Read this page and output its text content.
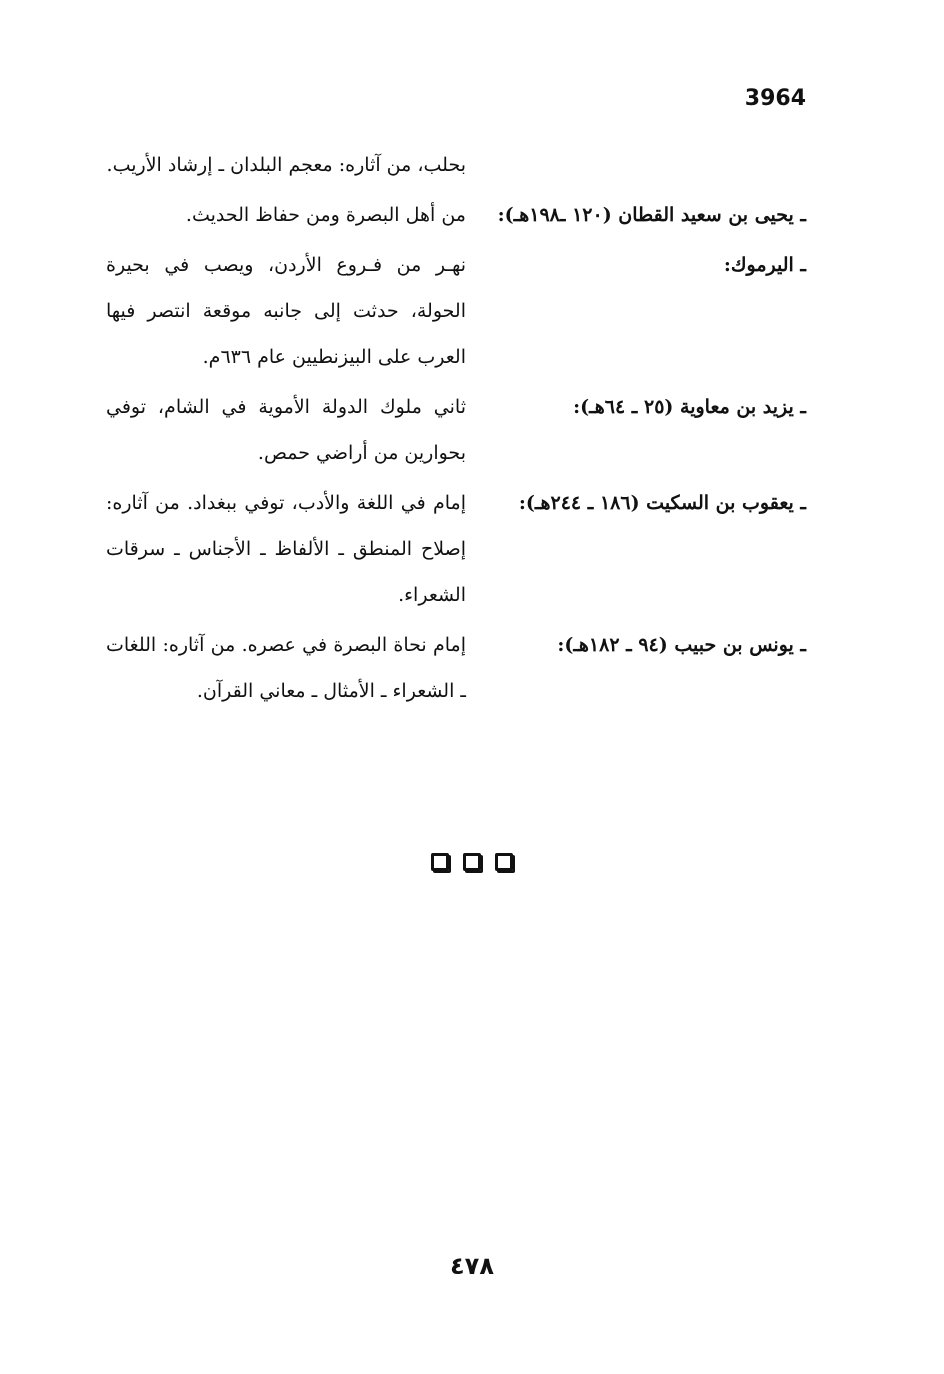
3964
بحلب، من آثاره: معجم البلدان ـ إرشاد الأريب.
ـ يحيى بن سعيد القطان (١٢٠ ـ١٩٨هـ):
من أهل البصرة ومن حفاظ الحديث.
ـ اليرموك:
نهـر من فـروع الأردن، ويصب في بحيرة الحولة، حدثت إلى جانبه موقعة انتصر فيها العرب على البيزنطيين عام ٦٣٦م.
ـ يزيد بن معاوية (٢٥ ـ ٦٤هـ):
ثاني ملوك الدولة الأموية في الشام، توفي بحوارين من أراضي حمص.
ـ يعقوب بن السكيت (١٨٦ ـ ٢٤٤هـ):
إمام في اللغة والأدب، توفي ببغداد. من آثاره: إصلاح المنطق ـ الألفاظ ـ الأجناس ـ سرقات الشعراء.
ـ يونس بن حبيب (٩٤ ـ ١٨٢هـ):
إمام نحاة البصرة في عصره. من آثاره: اللغات ـ الشعراء ـ الأمثال ـ معاني القرآن.
٤٧٨
